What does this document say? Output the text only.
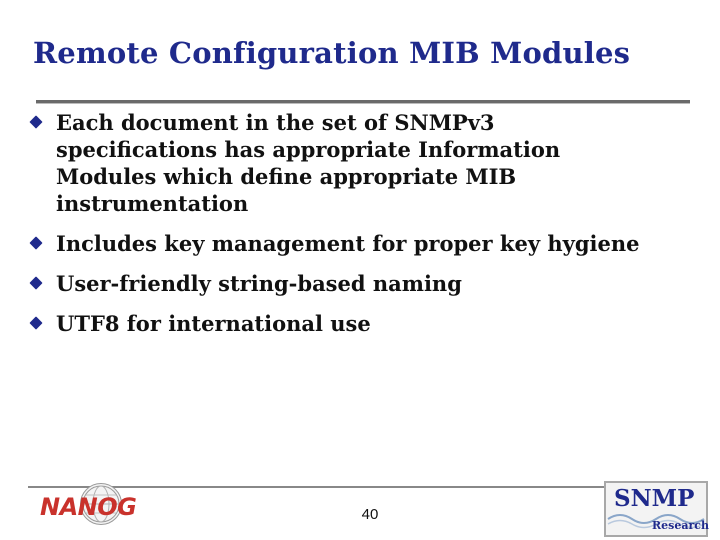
Remote Configuration MIB Modules
Each document in the set of SNMPv3 specifications has appropriate Information Modules which define appropriate MIB instrumentation
Includes key management for proper key hygiene
User-friendly string-based naming
UTF8 for international use
NANOG	40
SNMP
Research
